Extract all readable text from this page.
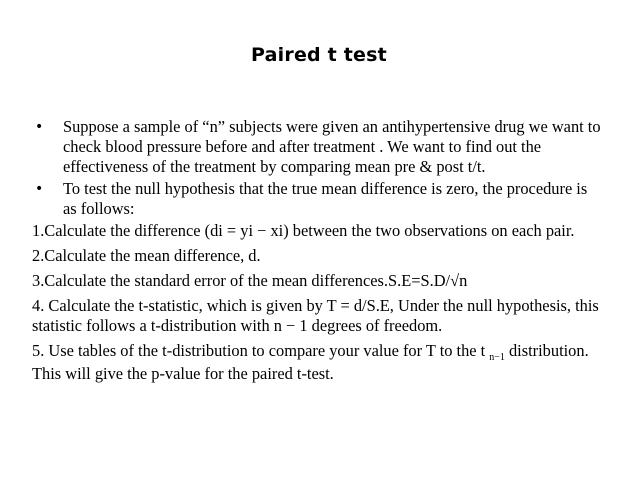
Paired t test
• Suppose a sample of “n” subjects were given an antihypertensive drug we want to check blood pressure before and after treatment . We want to find out the effectiveness of the treatment by comparing mean pre & post t/t.
• To test the null hypothesis that the true mean difference is zero, the procedure is as follows:
1.Calculate the difference (di = yi − xi) between the two observations on each pair.
2.Calculate the mean difference, d.
3.Calculate the standard error of the mean differences.S.E=S.D/√n
4. Calculate the t-statistic, which is given by T = d/S.E, Under the null hypothesis, this statistic follows a t-distribution with n − 1 degrees of freedom.
5. Use tables of the t-distribution to compare your value for T to the t $_{n-1}$ distribution. This will give the p-value for the paired t-test.
